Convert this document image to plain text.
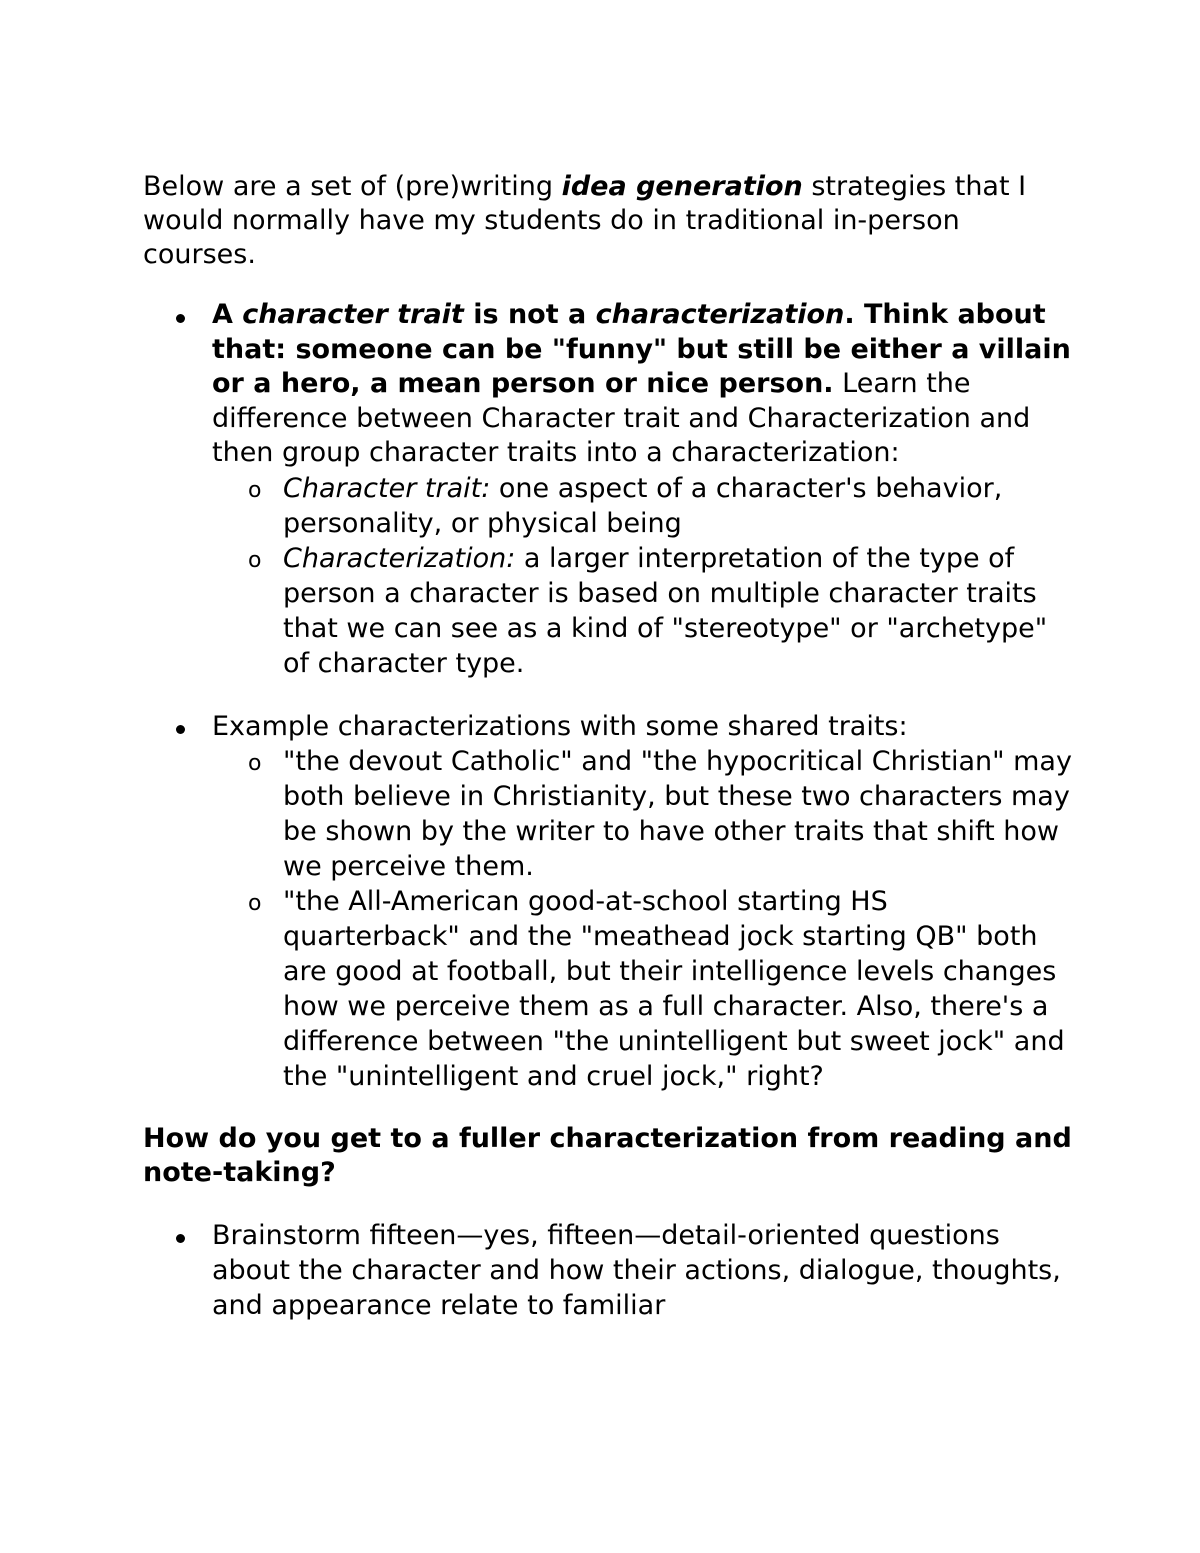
Below are a set of (pre)writing idea generation strategies that I would normally have my students do in traditional in-person courses.

A character trait is not a characterization. Think about that: someone can be "funny" but still be either a villain or a hero, a mean person or nice person. Learn the difference between Character trait and Characterization and then group character traits into a characterization:

o Character trait: one aspect of a character's behavior, personality, or physical being

o Characterization: a larger interpretation of the type of person a character is based on multiple character traits that we can see as a kind of "stereotype" or "archetype" of character type.

Example characterizations with some shared traits:

o "the devout Catholic" and "the hypocritical Christian" may both believe in Christianity, but these two characters may be shown by the writer to have other traits that shift how we perceive them.

o "the All-American good-at-school starting HS quarterback" and the "meathead jock starting QB" both are good at football, but their intelligence levels changes how we perceive them as a full character. Also, there's a difference between "the unintelligent but sweet jock" and the "unintelligent and cruel jock," right?

How do you get to a fuller characterization from reading and note-taking?

Brainstorm fifteen—yes, fifteen—detail-oriented questions about the character and how their actions, dialogue, thoughts, and appearance relate to familiar
